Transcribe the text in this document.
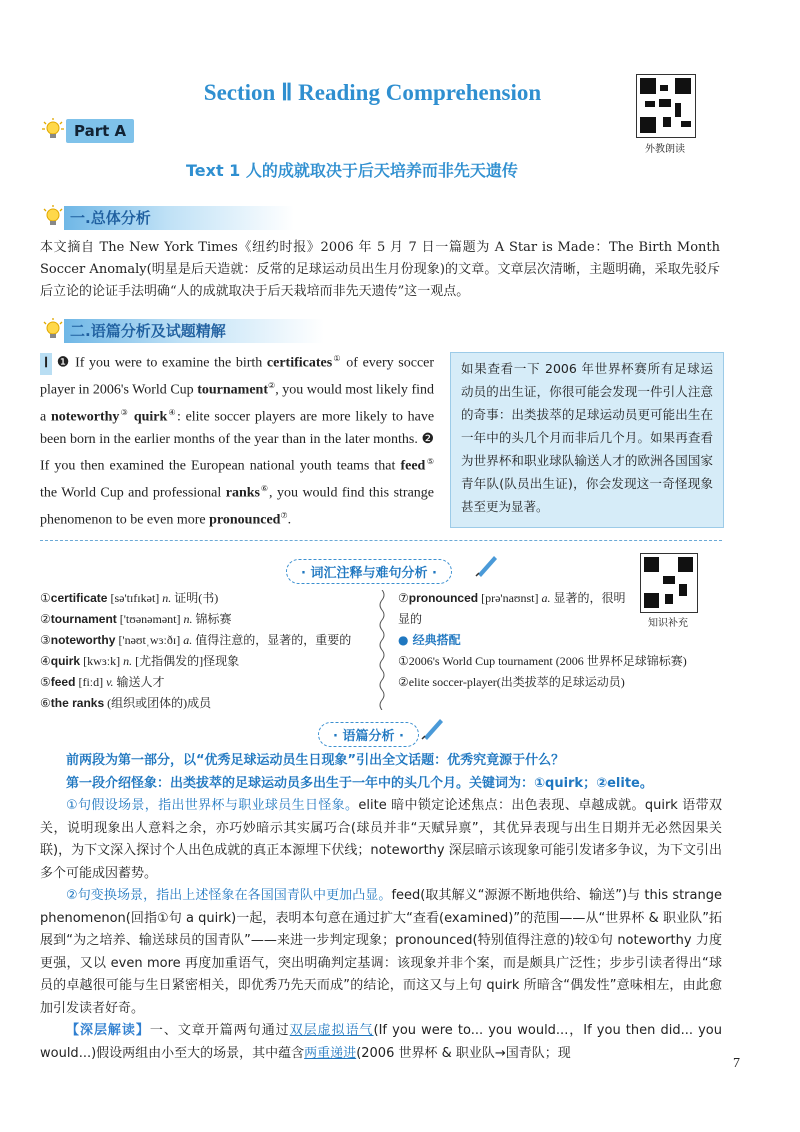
Section Ⅱ Reading Comprehension
外教朗读
Part A
Text 1 人的成就取决于后天培养而非先天遗传
一.总体分析
本文摘自 The New York Times《纽约时报》2006 年 5 月 7 日一篇题为 A Star is Made：The Birth Month Soccer Anomaly(明星是后天造就：反常的足球运动员出生月份现象)的文章。文章层次清晰，主题明确，采取先驳斥后立论的论证手法明确“人的成就取决于后天栽培而非先天遗传”这一观点。
二.语篇分析及试题精解
Ⅰ ❶ If you were to examine the birth certificates① of every soccer player in 2006's World Cup tournament②, you would most likely find a noteworthy③ quirk④: elite soccer players are more likely to have been born in the earlier months of the year than in the later months. ❷ If you then examined the European national youth teams that feed⑤ the World Cup and professional ranks⑥, you would find this strange phenomenon to be even more pronounced⑦.
如果查看一下 2006 年世界杯赛所有足球运动员的出生证，你很可能会发现一件引人注意的奇事：出类拔萃的足球运动员更可能出生在一年中的头几个月而非后几个月。如果再查看为世界杯和职业球队输送人才的欧洲各国国家青年队(队员出生证)，你会发现这一奇怪现象甚至更为显著。
· 词汇注释与难句分析 ·
知识补充
①certificate [sə'tɪfɪkət] n. 证明(书)
②tournament ['tʊənəmənt] n. 锦标赛
③noteworthy ['nəʊtˌwɜːðɪ] a. 值得注意的，显著的，重要的
④quirk [kwɜːk] n. [尤指偶发的]怪现象
⑤feed [fiːd] v. 输送人才
⑥the ranks (组织或团体的)成员
⑦pronounced [prə'naʊnst] a. 显著的，很明显的
● 经典搭配
①2006's World Cup tournament (2006 世界杯足球锦标赛)
②elite soccer-player(出类拔萃的足球运动员)
· 语篇分析 ·
前两段为第一部分，以“优秀足球运动员生日现象”引出全文话题：优秀究竟源于什么？
第一段介绍怪象：出类拔萃的足球运动员多出生于一年中的头几个月。关键词为：①quirk；②elite。
①句假设场景，指出世界杯与职业球员生日怪象。elite 暗中锁定论述焦点：出色表现、卓越成就。quirk 语带双关，说明现象出人意料之余，亦巧妙暗示其实属巧合(球员并非“天赋异禀”，其优异表现与出生日期并无必然因果关联)，为下文深入探讨个人出色成就的真正本源埋下伏线；noteworthy 深层暗示该现象可能引发诸多争议，为下文引出多个可能成因蓄势。
②句变换场景，指出上述怪象在各国国青队中更加凸显。feed(取其解义“源源不断地供给、输送”)与 this strange phenomenon(回指①句 a quirk)一起，表明本句意在通过扩大“查看(examined)”的范围——从“世界杯 & 职业队”拓展到“为之培养、输送球员的国青队”——来进一步判定现象；pronounced(特别值得注意的)较①句 noteworthy 力度更强，又以 even more 再度加重语气，突出明确判定基调：该现象并非个案，而是颇具广泛性；步步引读者得出“球员的卓越很可能与生日紧密相关，即优秀乃先天而成”的结论，而这又与上句 quirk 所暗含“偶发性”意味相左，由此愈加引发读者好奇。
【深层解读】一、文章开篇两句通过双层虚拟语气(If you were to... you would...，If you then did... you would...)假设两组由小至大的场景，其中蕴含两重递进(2006 世界杯 & 职业队→国青队；现
7
